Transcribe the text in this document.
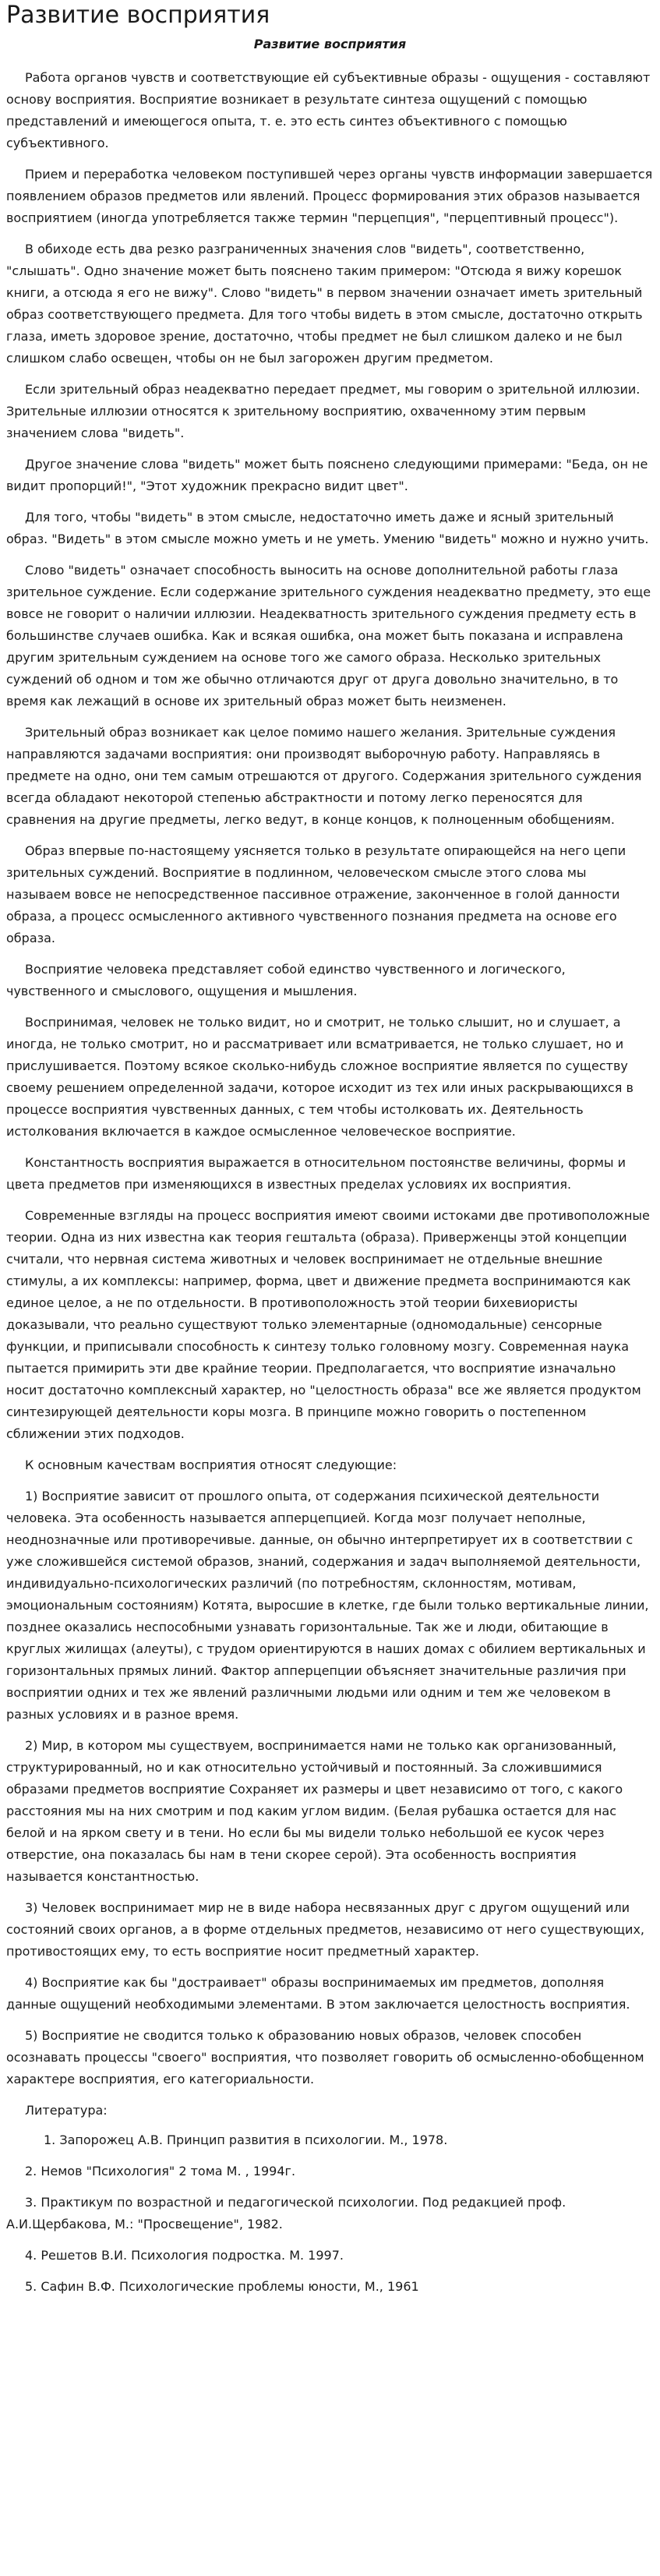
Развитие восприятия
Развитие восприятия

Работа органов чувств и соответствующие ей субъективные образы - ощущения - составляют основу восприятия. Восприятие возникает в результате синтеза ощущений с помощью представлений и имеющегося опыта, т. е. это есть синтез объективного с помощью субъективного.

Прием и переработка человеком поступившей через органы чувств информации завершается появлением образов предметов или явлений. Процесс формирования этих образов называется восприятием (иногда употребляется также термин "перцепция", "перцептивный процесс").

В обиходе есть два резко разграниченных значения слов "видеть", соответственно, "слышать". Одно значение может быть пояснено таким примером: "Отсюда я вижу корешок книги, а отсюда я его не вижу". Слово "видеть" в первом значении означает иметь зрительный образ соответствующего предмета. Для того чтобы видеть в этом смысле, достаточно открыть глаза, иметь здоровое зрение, достаточно, чтобы предмет не был слишком далеко и не был слишком слабо освещен, чтобы он не был загорожен другим предметом.

Если зрительный образ неадекватно передает предмет, мы говорим о зрительной иллюзии. Зрительные иллюзии относятся к зрительному восприятию, охваченному этим первым значением слова "видеть".

Другое значение слова "видеть" может быть пояснено следующими примерами: "Беда, он не видит пропорций!", "Этот художник прекрасно видит цвет".

Для того, чтобы "видеть" в этом смысле, недостаточно иметь даже и ясный зрительный образ. "Видеть" в этом смысле можно уметь и не уметь. Умению "видеть" можно и нужно учить.

Слово "видеть" означает способность выносить на основе дополнительной работы глаза зрительное суждение. Если содержание зрительного суждения неадекватно предмету, это еще вовсе не говорит о наличии иллюзии. Неадекватность зрительного суждения предмету есть в большинстве случаев ошибка. Как и всякая ошибка, она может быть показана и исправлена другим зрительным суждением на основе того же самого образа. Несколько зрительных суждений об одном и том же обычно отличаются друг от друга довольно значительно, в то время как лежащий в основе их зрительный образ может быть неизменен.

Зрительный образ возникает как целое помимо нашего желания. Зрительные суждения направляются задачами восприятия: они производят выборочную работу. Направляясь в предмете на одно, они тем самым отрешаются от другого. Содержания зрительного суждения всегда обладают некоторой степенью абстрактности и потому легко переносятся для сравнения на другие предметы, легко ведут, в конце концов, к полноценным обобщениям.

Образ впервые по-настоящему уясняется только в результате опирающейся на него цепи зрительных суждений. Восприятие в подлинном, человеческом смысле этого слова мы называем вовсе не непосредственное пассивное отражение, законченное в голой данности образа, а процесс осмысленного активного чувственного познания предмета на основе его образа.

Восприятие человека представляет собой единство чувственного и логического, чувственного и смыслового, ощущения и мышления.

Воспринимая, человек не только видит, но и смотрит, не только слышит, но и слушает, а иногда, не только смотрит, но и рассматривает или всматривается, не только слушает, но и прислушивается. Поэтому всякое сколько-нибудь сложное восприятие является по существу своему решением определенной задачи, которое исходит из тех или иных раскрывающихся в процессе восприятия чувственных данных, с тем чтобы истолковать их. Деятельность истолкования включается в каждое осмысленное человеческое восприятие.

Константность восприятия выражается в относительном постоянстве величины, формы и цвета предметов при изменяющихся в известных пределах условиях их восприятия.

Современные взгляды на процесс восприятия имеют своими истоками две противоположные теории. Одна из них известна как теория гештальта (образа). Приверженцы этой концепции считали, что нервная система животных и человек воспринимает не отдельные внешние стимулы, а их комплексы: например, форма, цвет и движение предмета воспринимаются как единое целое, а не по отдельности. В противоположность этой теории бихевиористы доказывали, что реально существуют только элементарные (одномодальные) сенсорные функции, и приписывали способность к синтезу только головному мозгу. Современная наука пытается примирить эти две крайние теории. Предполагается, что восприятие изначально носит достаточно комплексный характер, но "целостность образа" все же является продуктом синтезирующей деятельности коры мозга. В принципе можно говорить о постепенном сближении этих подходов.

К основным качествам восприятия относят следующие:

1) Восприятие зависит от прошлого опыта, от содержания психической деятельности человека. Эта особенность называется апперцепцией. Когда мозг получает неполные, неоднозначные или противоречивые. данные, он обычно интерпретирует их в соответствии с уже сложившейся системой образов, знаний, содержания и задач выполняемой деятельности, индивидуально-психологических различий (по потребностям, склонностям, мотивам, эмоциональным состояниям) Котята, выросшие в клетке, где были только вертикальные линии, позднее оказались неспособными узнавать горизонтальные. Так же и люди, обитающие в круглых жилищах (алеуты), с трудом ориентируются в наших домах с обилием вертикальных и горизонтальных прямых линий. Фактор апперцепции объясняет значительные различия при восприятии одних и тех же явлений различными людьми или одним и тем же человеком в разных условиях и в разное время.

2) Мир, в котором мы существуем, воспринимается нами не только как организованный, структурированный, но и как относительно устойчивый и постоянный. За сложившимися образами предметов восприятие Сохраняет их размеры и цвет независимо от того, с какого расстояния мы на них смотрим и под каким углом видим. (Белая рубашка остается для нас белой и на ярком свету и в тени. Но если бы мы видели только небольшой ее кусок через отверстие, она показалась бы нам в тени скорее серой). Эта особенность восприятия называется константностью.

3) Человек воспринимает мир не в виде набора несвязанных друг с другом ощущений или состояний своих органов, а в форме отдельных предметов, независимо от него существующих, противостоящих ему, то есть восприятие носит предметный характер.

4) Восприятие как бы "достраивает" образы воспринимаемых им предметов, дополняя данные ощущений необходимыми элементами. В этом заключается целостность восприятия.

5) Восприятие не сводится только к образованию новых образов, человек способен осознавать процессы "своего" восприятия, что позволяет говорить об осмысленно-обобщенном характере восприятия, его категориальности.

Литература:

1. Запорожец А.В. Принцип развития в психологии. М., 1978.

2. Немов "Психология" 2 тома М. , 1994г.

3. Практикум по возрастной и педагогической психологии. Под редакцией проф. А.И.Щербакова, М.: "Просвещение", 1982.

4. Решетов В.И. Психология подростка. М. 1997.

5. Сафин В.Ф. Психологические проблемы юности, М., 1961
